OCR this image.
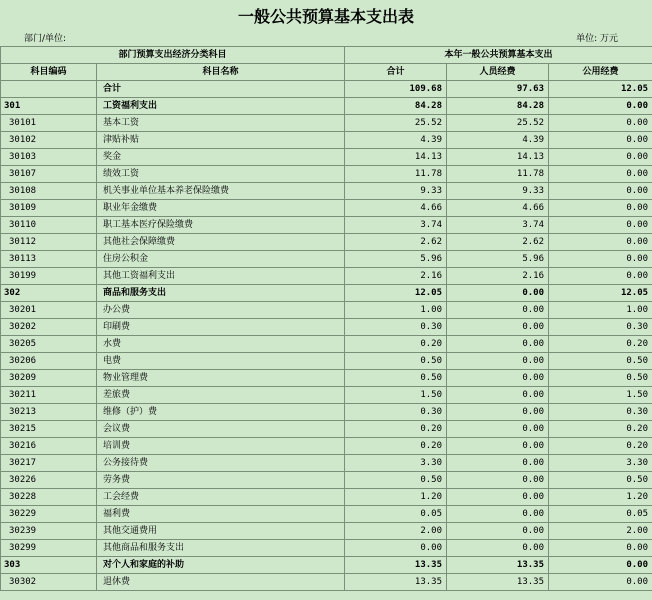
一般公共预算基本支出表
部门/单位:	单位: 万元
部门预算支出经济分类科目		本年一般公共预算基本支出		
科目编码	科目名称	合计	人员经费	公用经费
	合计	109.68	97.63	12.05
301	工资福利支出	84.28	84.28	0.00
30101	基本工资	25.52	25.52	0.00
30102	津贴补贴	4.39	4.39	0.00
30103	奖金	14.13	14.13	0.00
30107	绩效工资	11.78	11.78	0.00
30108	机关事业单位基本养老保险缴费	9.33	9.33	0.00
30109	职业年金缴费	4.66	4.66	0.00
30110	职工基本医疗保险缴费	3.74	3.74	0.00
30112	其他社会保障缴费	2.62	2.62	0.00
30113	住房公积金	5.96	5.96	0.00
30199	其他工资福利支出	2.16	2.16	0.00
302	商品和服务支出	12.05	0.00	12.05
30201	办公费	1.00	0.00	1.00
30202	印刷费	0.30	0.00	0.30
30205	水费	0.20	0.00	0.20
30206	电费	0.50	0.00	0.50
30209	物业管理费	0.50	0.00	0.50
30211	差旅费	1.50	0.00	1.50
30213	维修（护）费	0.30	0.00	0.30
30215	会议费	0.20	0.00	0.20
30216	培训费	0.20	0.00	0.20
30217	公务接待费	3.30	0.00	3.30
30226	劳务费	0.50	0.00	0.50
30228	工会经费	1.20	0.00	1.20
30229	福利费	0.05	0.00	0.05
30239	其他交通费用	2.00	0.00	2.00
30299	其他商品和服务支出	0.00	0.00	0.00
303	对个人和家庭的补助	13.35	13.35	0.00
30302	退休费	13.35	13.35	0.00
